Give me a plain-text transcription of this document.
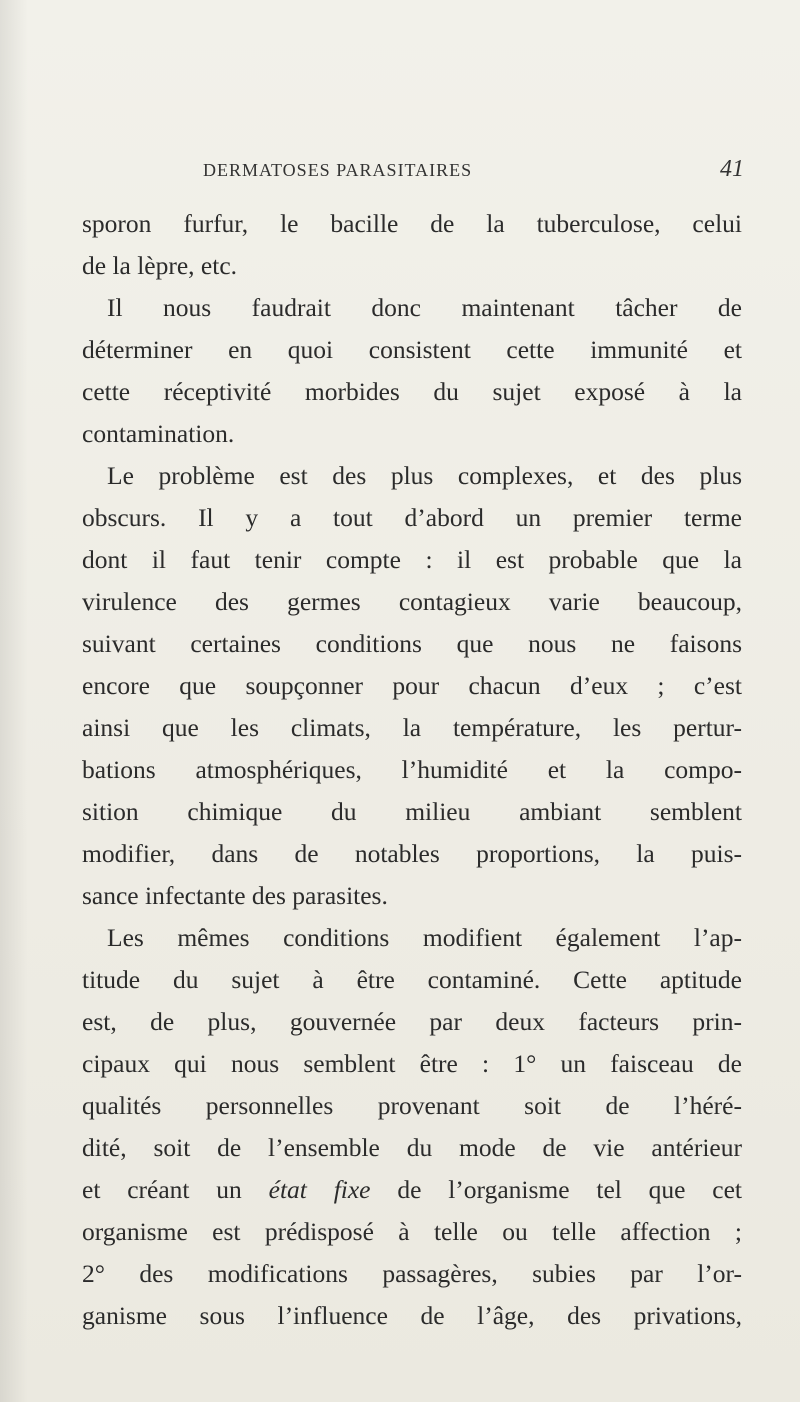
DERMATOSES PARASITAIRES	41
sporon furfur, le bacille de la tuberculose, celui
de la lèpre, etc.
Il nous faudrait donc maintenant tâcher de
déterminer en quoi consistent cette immunité et
cette réceptivité morbides du sujet exposé à la
contamination.
Le problème est des plus complexes, et des plus
obscurs. Il y a tout d’abord un premier terme
dont il faut tenir compte : il est probable que la
virulence des germes contagieux varie beaucoup,
suivant certaines conditions que nous ne faisons
encore que soupçonner pour chacun d’eux ; c’est
ainsi que les climats, la température, les pertur-
bations atmosphériques, l’humidité et la compo-
sition chimique du milieu ambiant semblent
modifier, dans de notables proportions, la puis-
sance infectante des parasites.
Les mêmes conditions modifient également l’ap-
titude du sujet à être contaminé. Cette aptitude
est, de plus, gouvernée par deux facteurs prin-
cipaux qui nous semblent être : 1° un faisceau de
qualités personnelles provenant soit de l’héré-
dité, soit de l’ensemble du mode de vie antérieur
et créant un état fixe de l’organisme tel que cet
organisme est prédisposé à telle ou telle affection ;
2° des modifications passagères, subies par l’or-
ganisme sous l’influence de l’âge, des privations,
